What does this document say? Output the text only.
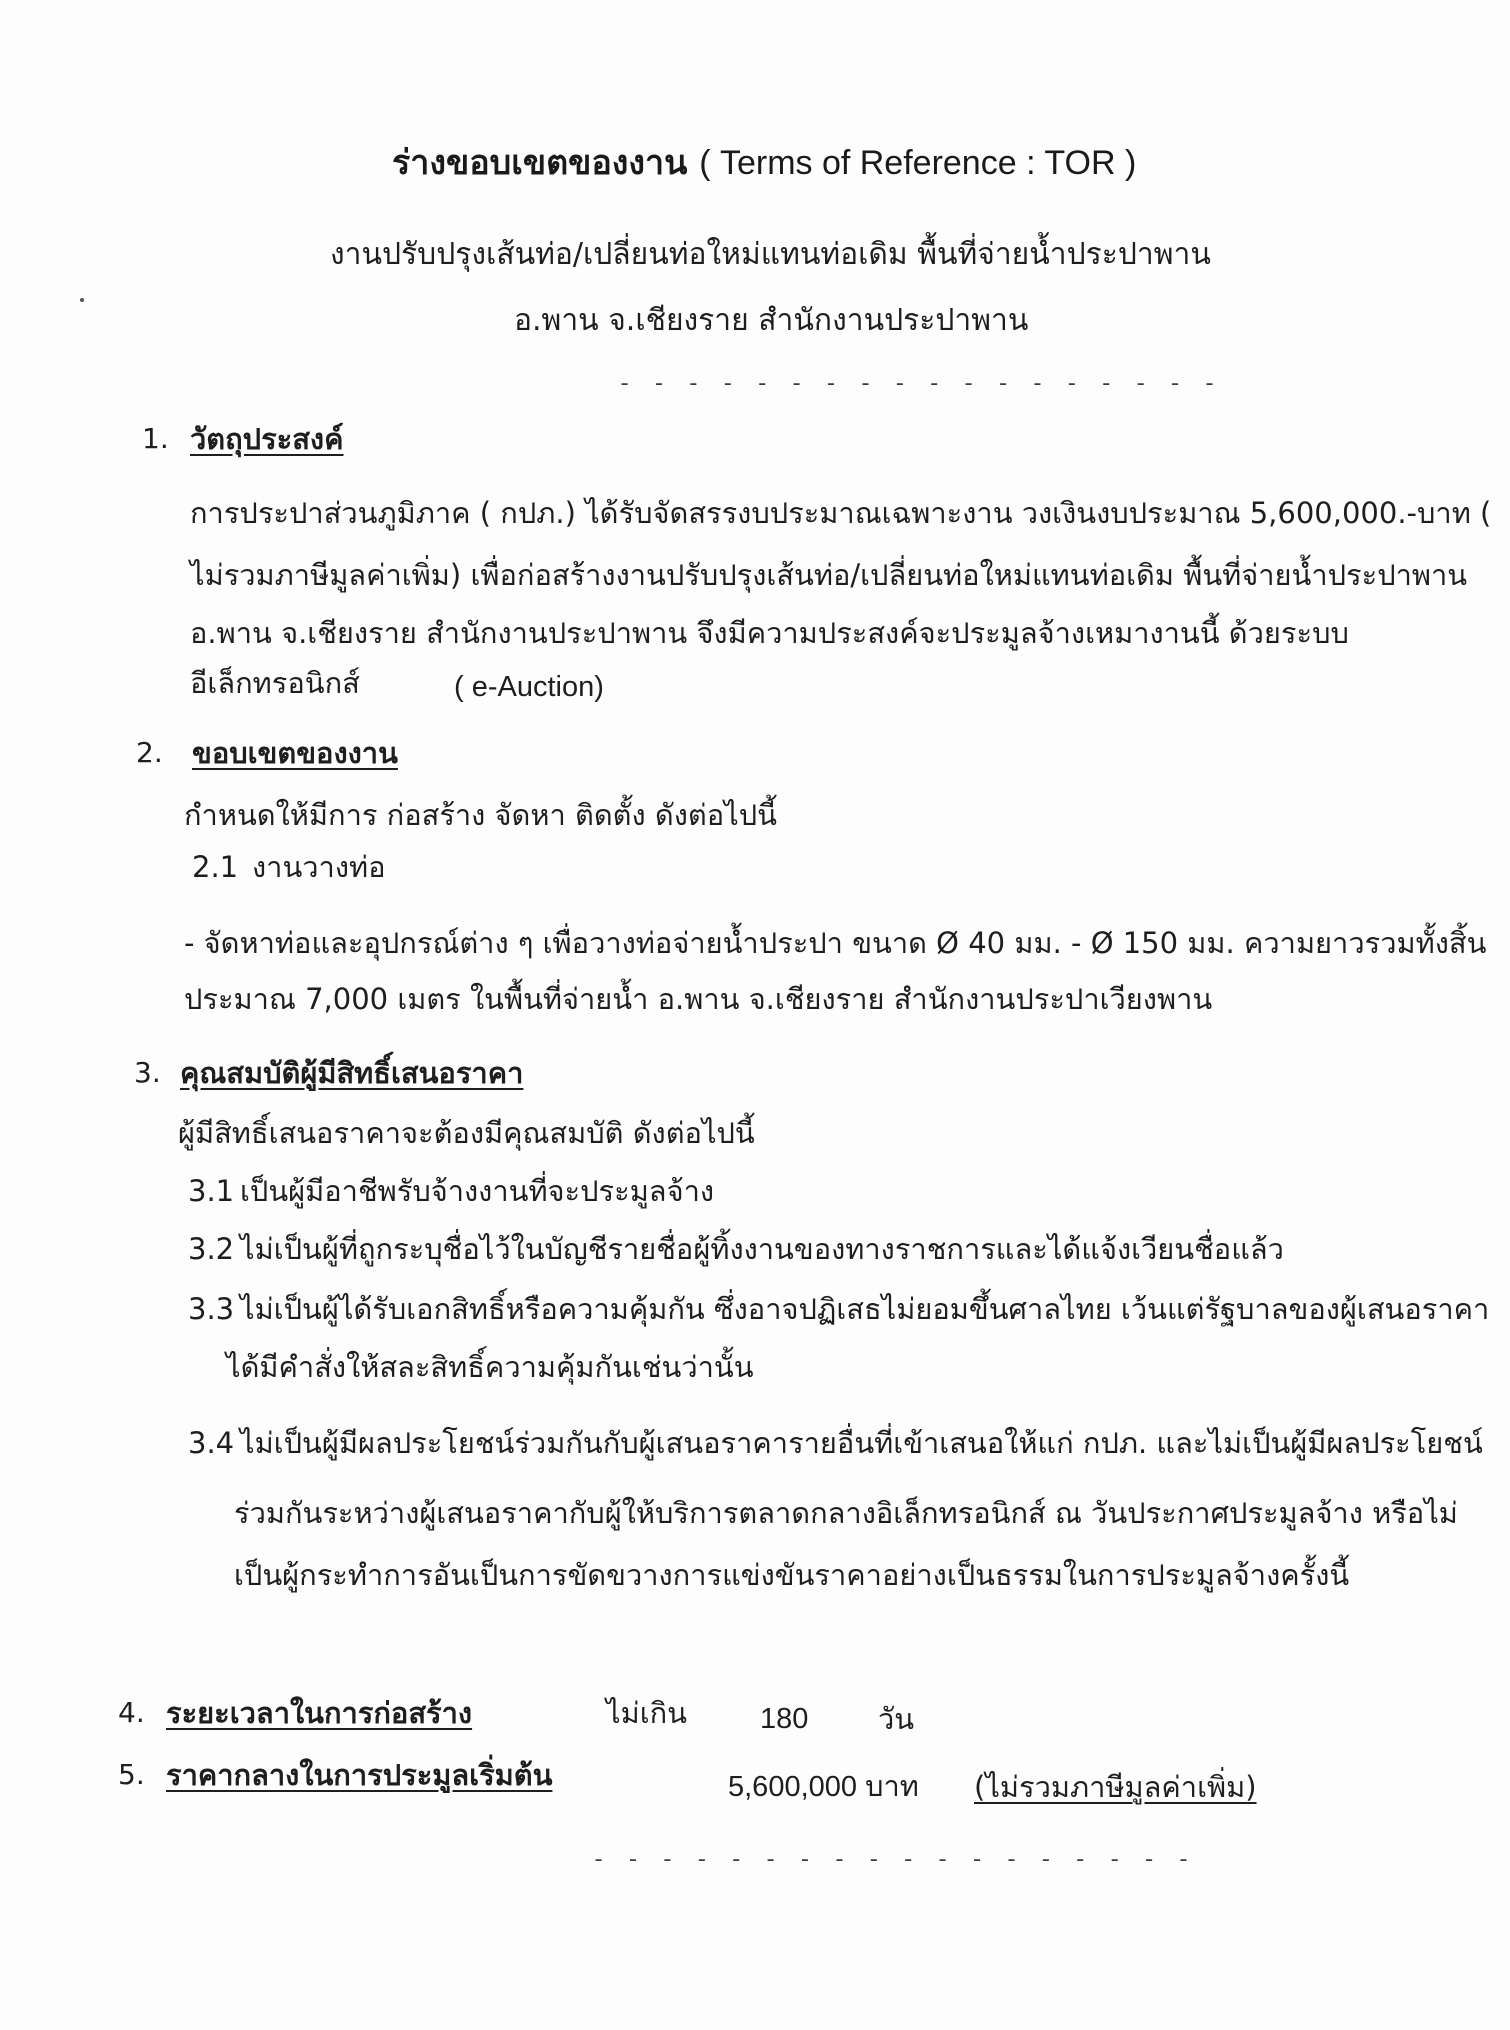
ร่างขอบเขตของงาน ( Terms of Reference : TOR )
งานปรับปรุงเส้นท่อ/เปลี่ยนท่อใหม่แทนท่อเดิม พื้นที่จ่ายน้ำประปาพาน
อ.พาน จ.เชียงราย สำนักงานประปาพาน
- - - - - - - - - - - - - - - - - -
1. วัตถุประสงค์
การประปาส่วนภูมิภาค ( กปภ.) ได้รับจัดสรรงบประมาณเฉพาะงาน วงเงินงบประมาณ 5,600,000.-บาท (
ไม่รวมภาษีมูลค่าเพิ่ม) เพื่อก่อสร้างงานปรับปรุงเส้นท่อ/เปลี่ยนท่อใหม่แทนท่อเดิม พื้นที่จ่ายน้ำประปาพาน
อ.พาน จ.เชียงราย สำนักงานประปาพาน จึงมีความประสงค์จะประมูลจ้างเหมางานนี้ ด้วยระบบ
อีเล็กทรอนิกส์	( e-Auction)
2. ขอบเขตของงาน
กำหนดให้มีการ ก่อสร้าง จัดหา ติดตั้ง ดังต่อไปนี้
2.1 งานวางท่อ
- จัดหาท่อและอุปกรณ์ต่าง ๆ เพื่อวางท่อจ่ายน้ำประปา ขนาด Ø 40 มม. - Ø 150 มม. ความยาวรวมทั้งสิ้น
ประมาณ 7,000 เมตร ในพื้นที่จ่ายน้ำ อ.พาน จ.เชียงราย สำนักงานประปาเวียงพาน
3. คุณสมบัติผู้มีสิทธิ์เสนอราคา
ผู้มีสิทธิ์เสนอราคาจะต้องมีคุณสมบัติ ดังต่อไปนี้
3.1 เป็นผู้มีอาชีพรับจ้างงานที่จะประมูลจ้าง
3.2 ไม่เป็นผู้ที่ถูกระบุชื่อไว้ในบัญชีรายชื่อผู้ทิ้งงานของทางราชการและได้แจ้งเวียนชื่อแล้ว
3.3 ไม่เป็นผู้ได้รับเอกสิทธิ์หรือความคุ้มกัน ซึ่งอาจปฏิเสธไม่ยอมขึ้นศาลไทย เว้นแต่รัฐบาลของผู้เสนอราคา
ได้มีคำสั่งให้สละสิทธิ์ความคุ้มกันเช่นว่านั้น
3.4 ไม่เป็นผู้มีผลประโยชน์ร่วมกันกับผู้เสนอราคารายอื่นที่เข้าเสนอให้แก่ กปภ. และไม่เป็นผู้มีผลประโยชน์
ร่วมกันระหว่างผู้เสนอราคากับผู้ให้บริการตลาดกลางอิเล็กทรอนิกส์ ณ วันประกาศประมูลจ้าง หรือไม่
เป็นผู้กระทำการอันเป็นการขัดขวางการแข่งขันราคาอย่างเป็นธรรมในการประมูลจ้างครั้งนี้
4. ระยะเวลาในการก่อสร้าง	ไม่เกิน	180 วัน
5. ราคากลางในการประมูลเริ่มต้น	5,600,000 บาท (ไม่รวมภาษีมูลค่าเพิ่ม)
- - - - - - - - - - - - - - - - - -
